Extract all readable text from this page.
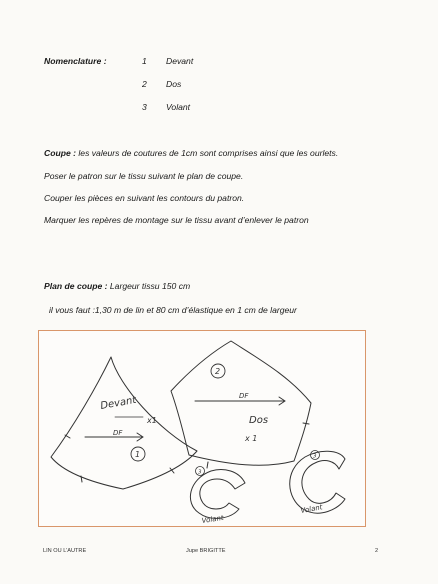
Nomenclature :	1 Devant
2 Dos
3 Volant
Coupe : les valeurs de coutures de 1cm sont comprises ainsi que les ourlets.
Poser le patron sur le tissu suivant le plan de coupe.
Couper les pièces en suivant les contours du patron.
Marquer les repères de montage sur le tissu avant d’enlever le patron
Plan de coupe : Largeur tissu 150 cm
il vous faut :1,30 m de lin et 80 cm d’élastique en 1 cm de largeur
Devant
x1
DF
1
DF
Dos
x 1
2
Volant
3
Volant
3
LIN OU L’AUTRE	Jupe BRIGITTE	2
